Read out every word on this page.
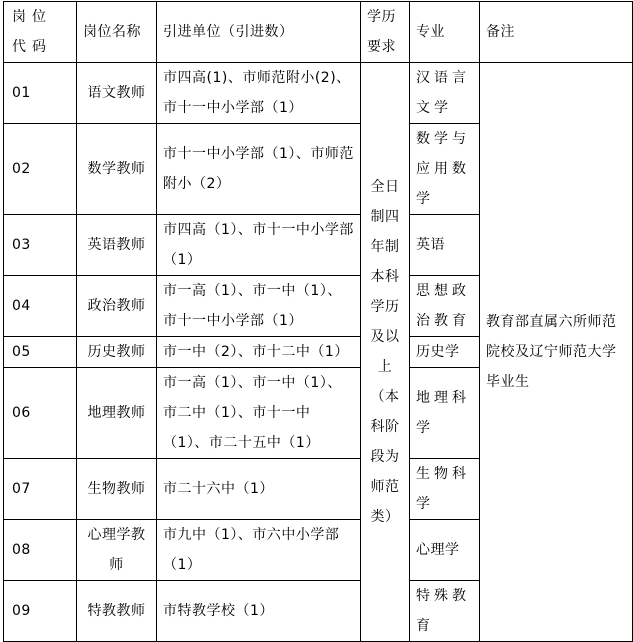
岗位代码	岗位名称	引进单位（引进数）	学历要求	专业	备注
01	语文教师	市四高(1)、市师范附小(2)、市十一中小学部（1）	全日制四年制本科学历及以上（本科阶段为师范类）	汉语言文学	教育部直属六所师范院校及辽宁师范大学毕业生
02	数学教师	市十一中小学部（1）、市师范附小（2）		数学与应用数学	
03	英语教师	市四高（1）、市十一中小学部（1）		英语	
04	政治教师	市一高（1）、市一中（1）、市十一中小学部（1）		思想政治教育	
05	历史教师	市一中（2）、市十二中（1）		历史学	
06	地理教师	市一高（1）、市一中（1）、市二中（1）、市十一中（1）、市二十五中（1）		地理科学	
07	生物教师	市二十六中（1）		生物科学	
08	心理学教师	市九中（1）、市六中小学部（1）		心理学	
09	特教教师	市特教学校（1）		特殊教育	
